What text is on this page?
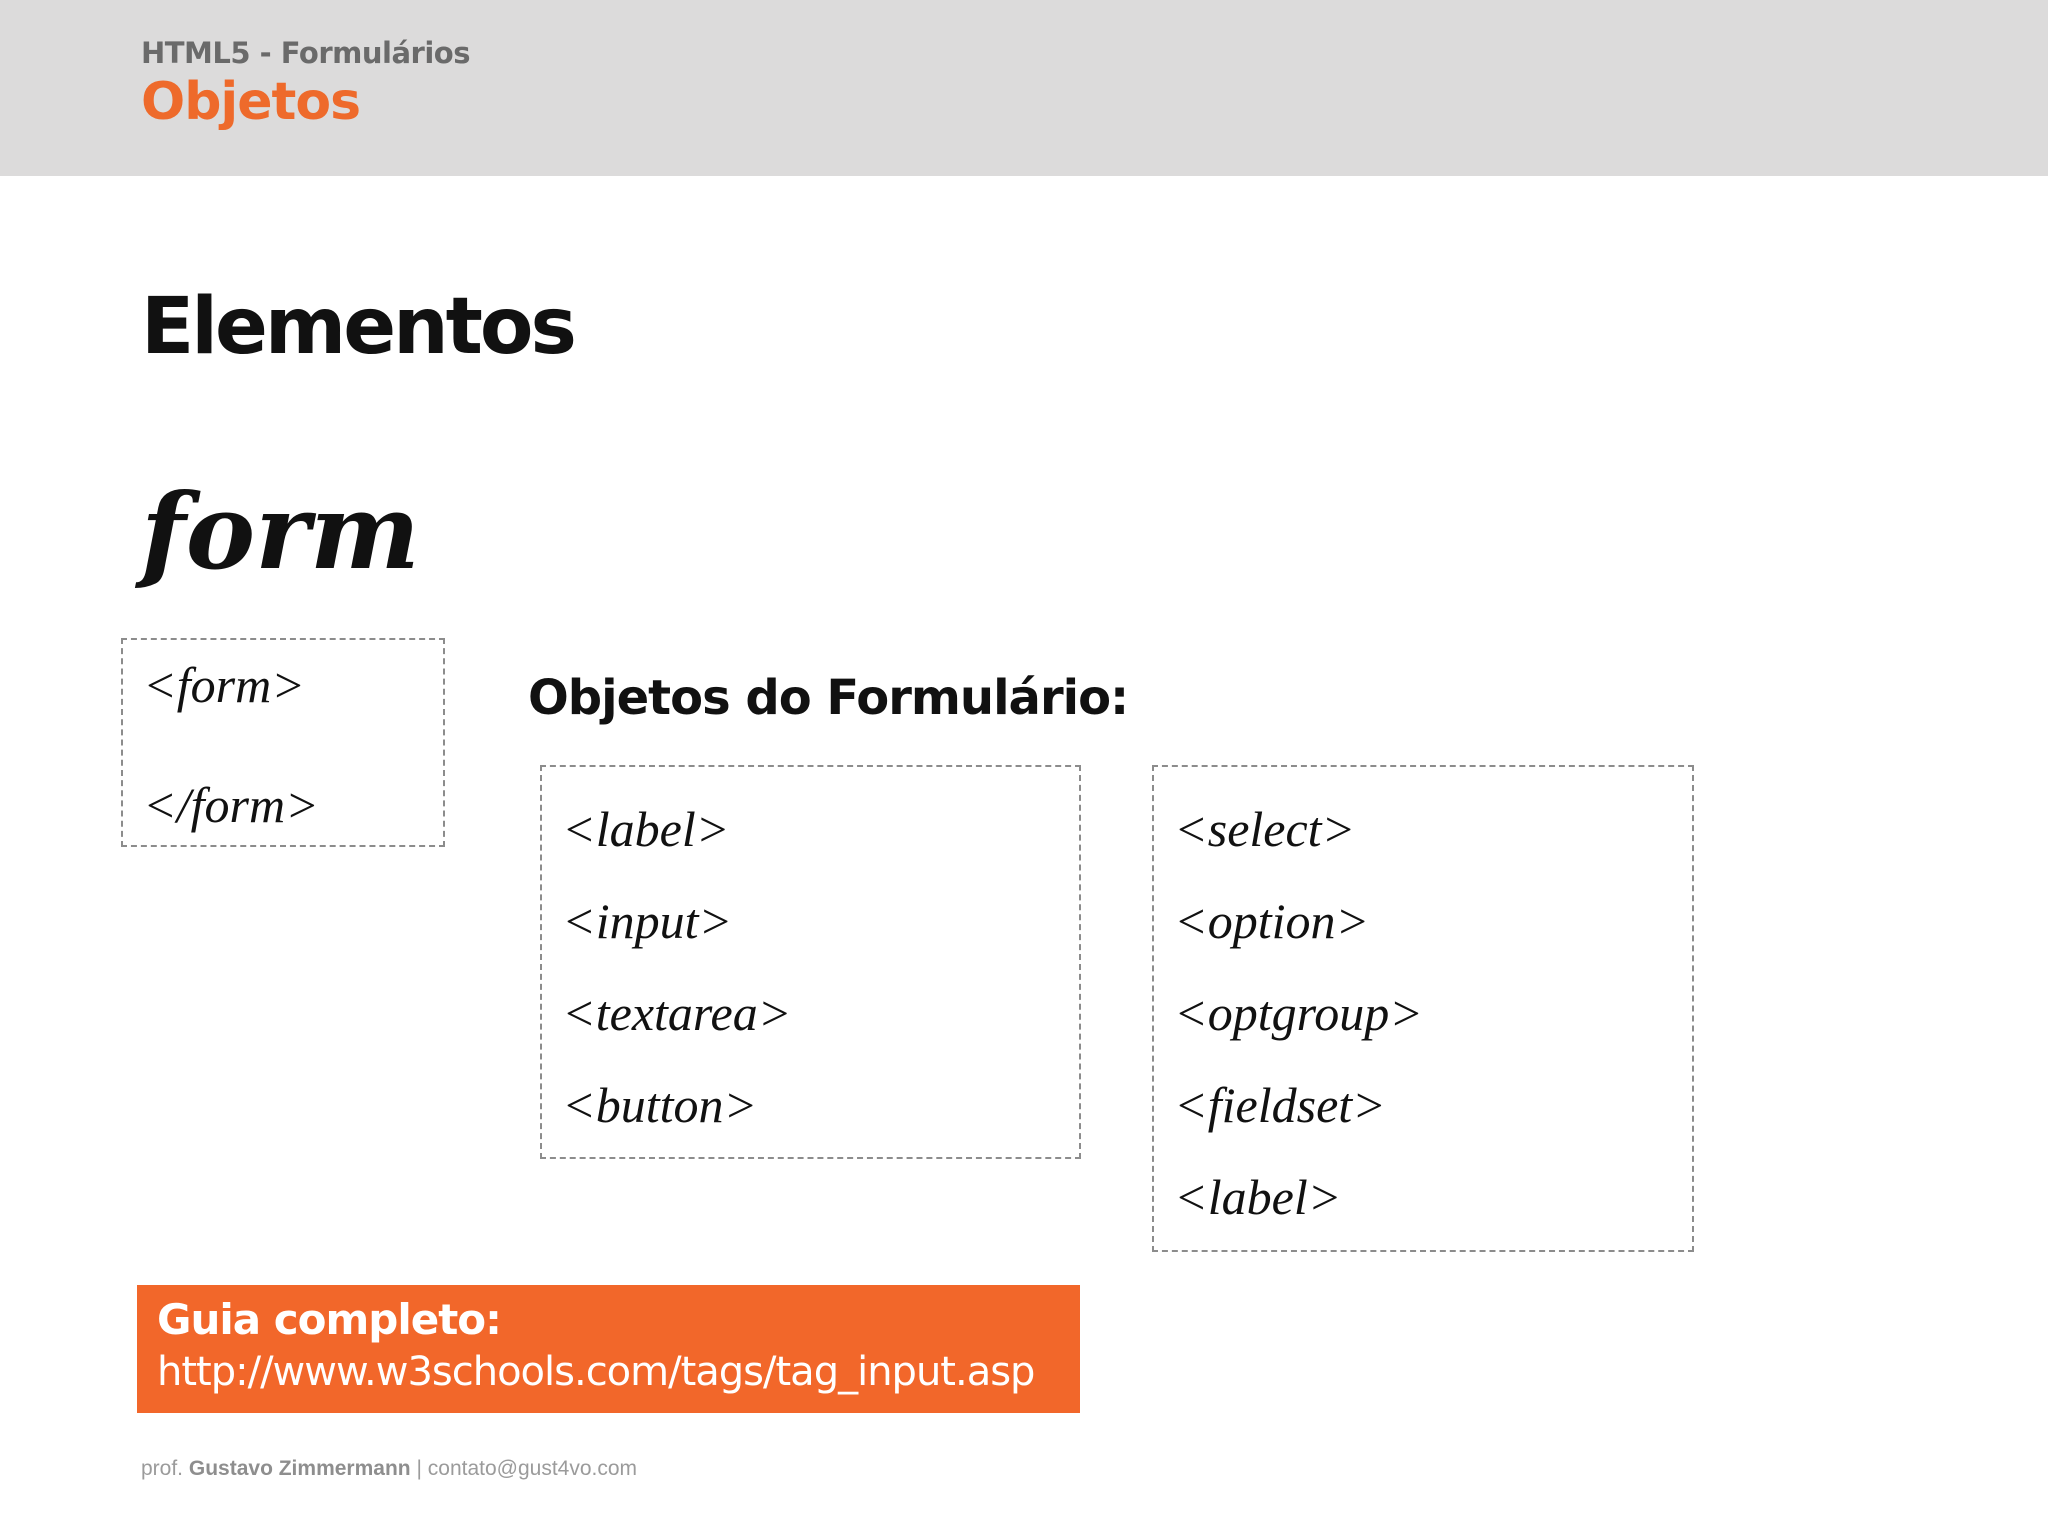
HTML5 - Formulários
Objetos
Elementos
form
<form>
</form>
Objetos do Formulário:
<label>
<input>
<textarea>
<button>
<select>
<option>
<optgroup>
<fieldset>
<label>
Guia completo:
http://www.w3schools.com/tags/tag_input.asp
prof. Gustavo Zimmermann | contato@gust4vo.com
